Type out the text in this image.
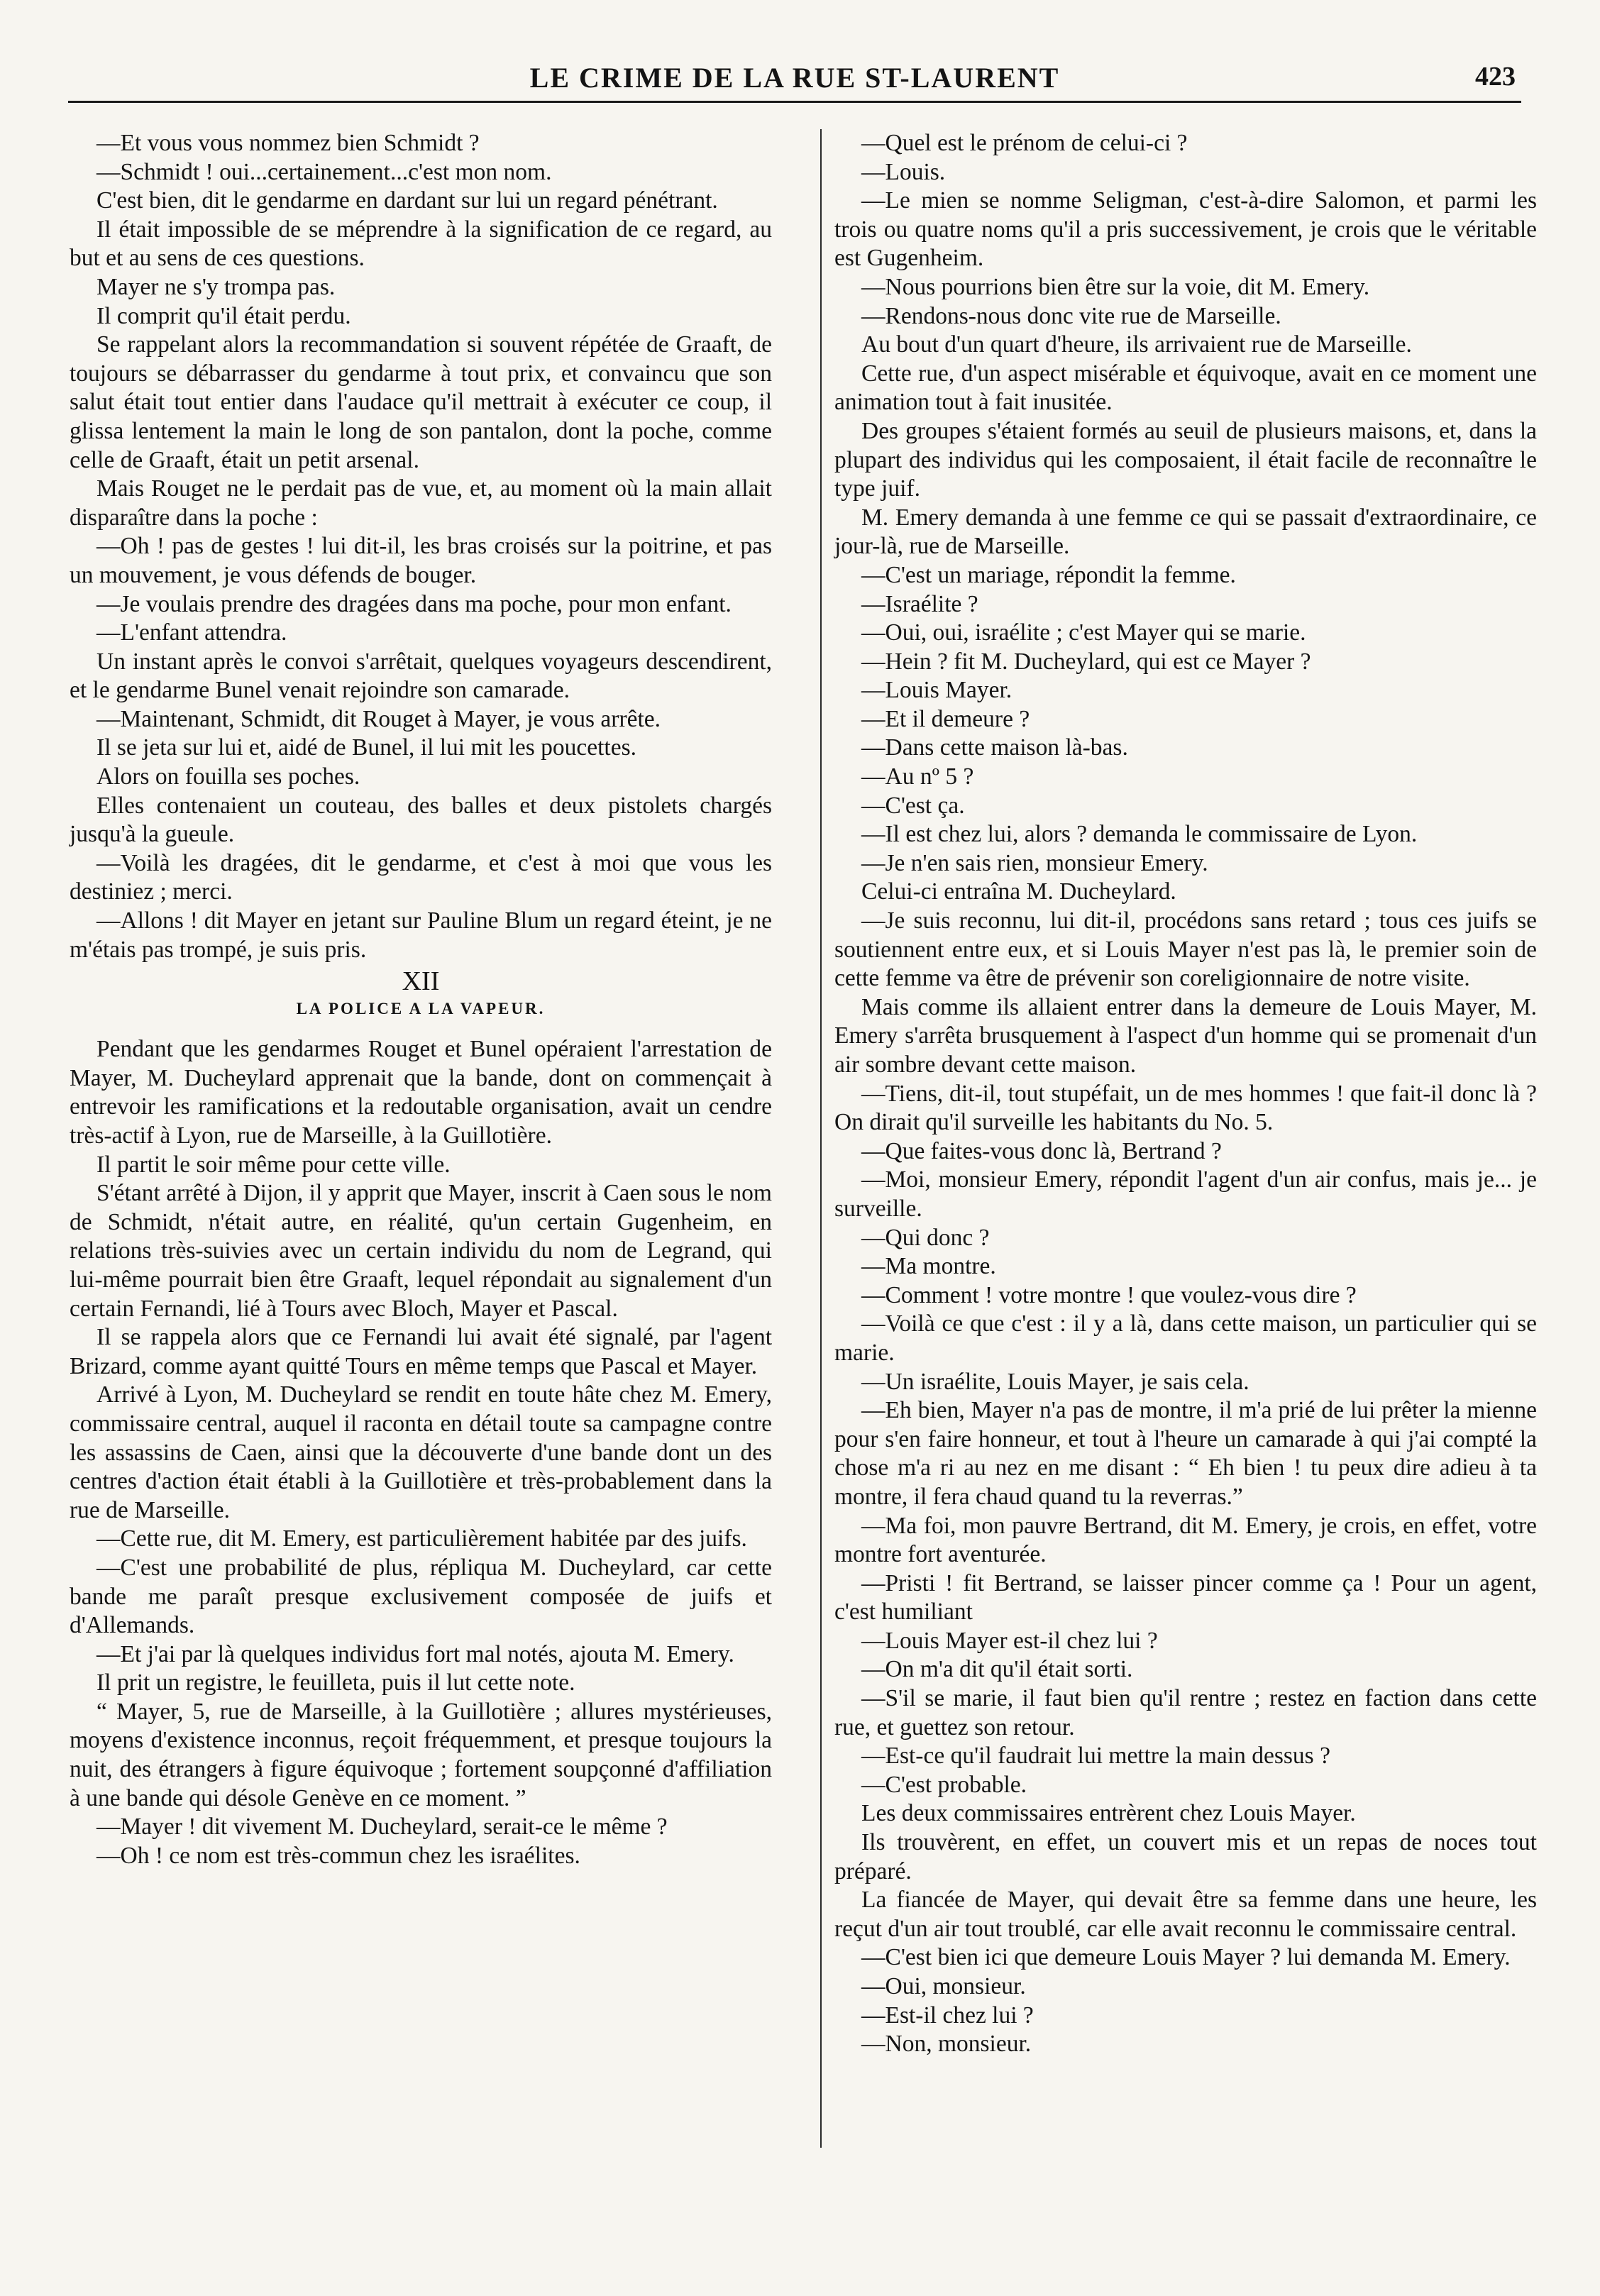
LE CRIME DE LA RUE ST-LAURENT	423

—Et vous vous nommez bien Schmidt ?

—Schmidt ! oui...certainement...c'est mon nom.

C'est bien, dit le gendarme en dardant sur lui un regard pénétrant.

Il était impossible de se méprendre à la signification de ce regard, au but et au sens de ces questions.

Mayer ne s'y trompa pas.

Il comprit qu'il était perdu.

Se rappelant alors la recommandation si souvent répétée de Graaft, de toujours se débarrasser du gendarme à tout prix, et convaincu que son salut était tout entier dans l'audace qu'il mettrait à exécuter ce coup, il glissa lentement la main le long de son pantalon, dont la poche, comme celle de Graaft, était un petit arsenal.

Mais Rouget ne le perdait pas de vue, et, au moment où la main allait disparaître dans la poche :

—Oh ! pas de gestes ! lui dit-il, les bras croisés sur la poitrine, et pas un mouvement, je vous défends de bouger.

—Je voulais prendre des dragées dans ma poche, pour mon enfant.

—L'enfant attendra.

Un instant après le convoi s'arrêtait, quelques voyageurs descendirent, et le gendarme Bunel venait rejoindre son camarade.

—Maintenant, Schmidt, dit Rouget à Mayer, je vous arrête.

Il se jeta sur lui et, aidé de Bunel, il lui mit les poucettes.

Alors on fouilla ses poches.

Elles contenaient un couteau, des balles et deux pistolets chargés jusqu'à la gueule.

—Voilà les dragées, dit le gendarme, et c'est à moi que vous les destiniez ; merci.

—Allons ! dit Mayer en jetant sur Pauline Blum un regard éteint, je ne m'étais pas trompé, je suis pris.

XII
LA POLICE A LA VAPEUR.

Pendant que les gendarmes Rouget et Bunel opéraient l'arrestation de Mayer, M. Ducheylard apprenait que la bande, dont on commençait à entrevoir les ramifications et la redoutable organisation, avait un cendre très-actif à Lyon, rue de Marseille, à la Guillotière.

Il partit le soir même pour cette ville.

S'étant arrêté à Dijon, il y apprit que Mayer, inscrit à Caen sous le nom de Schmidt, n'était autre, en réalité, qu'un certain Gugenheim, en relations très-suivies avec un certain individu du nom de Legrand, qui lui-même pourrait bien être Graaft, lequel répondait au signalement d'un certain Fernandi, lié à Tours avec Bloch, Mayer et Pascal.

Il se rappela alors que ce Fernandi lui avait été signalé, par l'agent Brizard, comme ayant quitté Tours en même temps que Pascal et Mayer.

Arrivé à Lyon, M. Ducheylard se rendit en toute hâte chez M. Emery, commissaire central, auquel il raconta en détail toute sa campagne contre les assassins de Caen, ainsi que la découverte d'une bande dont un des centres d'action était établi à la Guillotière et très-probablement dans la rue de Marseille.

—Cette rue, dit M. Emery, est particulièrement habitée par des juifs.

—C'est une probabilité de plus, répliqua M. Ducheylard, car cette bande me paraît presque exclusivement composée de juifs et d'Allemands.

—Et j'ai par là quelques individus fort mal notés, ajouta M. Emery.

Il prit un registre, le feuilleta, puis il lut cette note.

“ Mayer, 5, rue de Marseille, à la Guillotière ; allures mystérieuses, moyens d'existence inconnus, reçoit fréquemment, et presque toujours la nuit, des étrangers à figure équivoque ; fortement soupçonné d'affiliation à une bande qui désole Genève en ce moment. ”

—Mayer ! dit vivement M. Ducheylard, serait-ce le même ?

—Oh ! ce nom est très-commun chez les israélites.

—Quel est le prénom de celui-ci ?

—Louis.

—Le mien se nomme Seligman, c'est-à-dire Salomon, et parmi les trois ou quatre noms qu'il a pris successivement, je crois que le véritable est Gugenheim.

—Nous pourrions bien être sur la voie, dit M. Emery.

—Rendons-nous donc vite rue de Marseille.

Au bout d'un quart d'heure, ils arrivaient rue de Marseille.

Cette rue, d'un aspect misérable et équivoque, avait en ce moment une animation tout à fait inusitée.

Des groupes s'étaient formés au seuil de plusieurs maisons, et, dans la plupart des individus qui les composaient, il était facile de reconnaître le type juif.

M. Emery demanda à une femme ce qui se passait d'extraordinaire, ce jour-là, rue de Marseille.

—C'est un mariage, répondit la femme.

—Israélite ?

—Oui, oui, israélite ; c'est Mayer qui se marie.

—Hein ? fit M. Ducheylard, qui est ce Mayer ?

—Louis Mayer.

—Et il demeure ?

—Dans cette maison là-bas.

—Au nº 5 ?

—C'est ça.

—Il est chez lui, alors ? demanda le commissaire de Lyon.

—Je n'en sais rien, monsieur Emery.

Celui-ci entraîna M. Ducheylard.

—Je suis reconnu, lui dit-il, procédons sans retard ; tous ces juifs se soutiennent entre eux, et si Louis Mayer n'est pas là, le premier soin de cette femme va être de prévenir son coreligionnaire de notre visite.

Mais comme ils allaient entrer dans la demeure de Louis Mayer, M. Emery s'arrêta brusquement à l'aspect d'un homme qui se promenait d'un air sombre devant cette maison.

—Tiens, dit-il, tout stupéfait, un de mes hommes ! que fait-il donc là ? On dirait qu'il surveille les habitants du No. 5.

—Que faites-vous donc là, Bertrand ?

—Moi, monsieur Emery, répondit l'agent d'un air confus, mais je... je surveille.

—Qui donc ?

—Ma montre.

—Comment ! votre montre ! que voulez-vous dire ?

—Voilà ce que c'est : il y a là, dans cette maison, un particulier qui se marie.

—Un israélite, Louis Mayer, je sais cela.

—Eh bien, Mayer n'a pas de montre, il m'a prié de lui prêter la mienne pour s'en faire honneur, et tout à l'heure un camarade à qui j'ai compté la chose m'a ri au nez en me disant : “ Eh bien ! tu peux dire adieu à ta montre, il fera chaud quand tu la reverras.”

—Ma foi, mon pauvre Bertrand, dit M. Emery, je crois, en effet, votre montre fort aventurée.

—Pristi ! fit Bertrand, se laisser pincer comme ça ! Pour un agent, c'est humiliant

—Louis Mayer est-il chez lui ?

—On m'a dit qu'il était sorti.

—S'il se marie, il faut bien qu'il rentre ; restez en faction dans cette rue, et guettez son retour.

—Est-ce qu'il faudrait lui mettre la main dessus ?

—C'est probable.

Les deux commissaires entrèrent chez Louis Mayer.

Ils trouvèrent, en effet, un couvert mis et un repas de noces tout préparé.

La fiancée de Mayer, qui devait être sa femme dans une heure, les reçut d'un air tout troublé, car elle avait reconnu le commissaire central.

—C'est bien ici que demeure Louis Mayer ? lui demanda M. Emery.

—Oui, monsieur.

—Est-il chez lui ?

—Non, monsieur.
